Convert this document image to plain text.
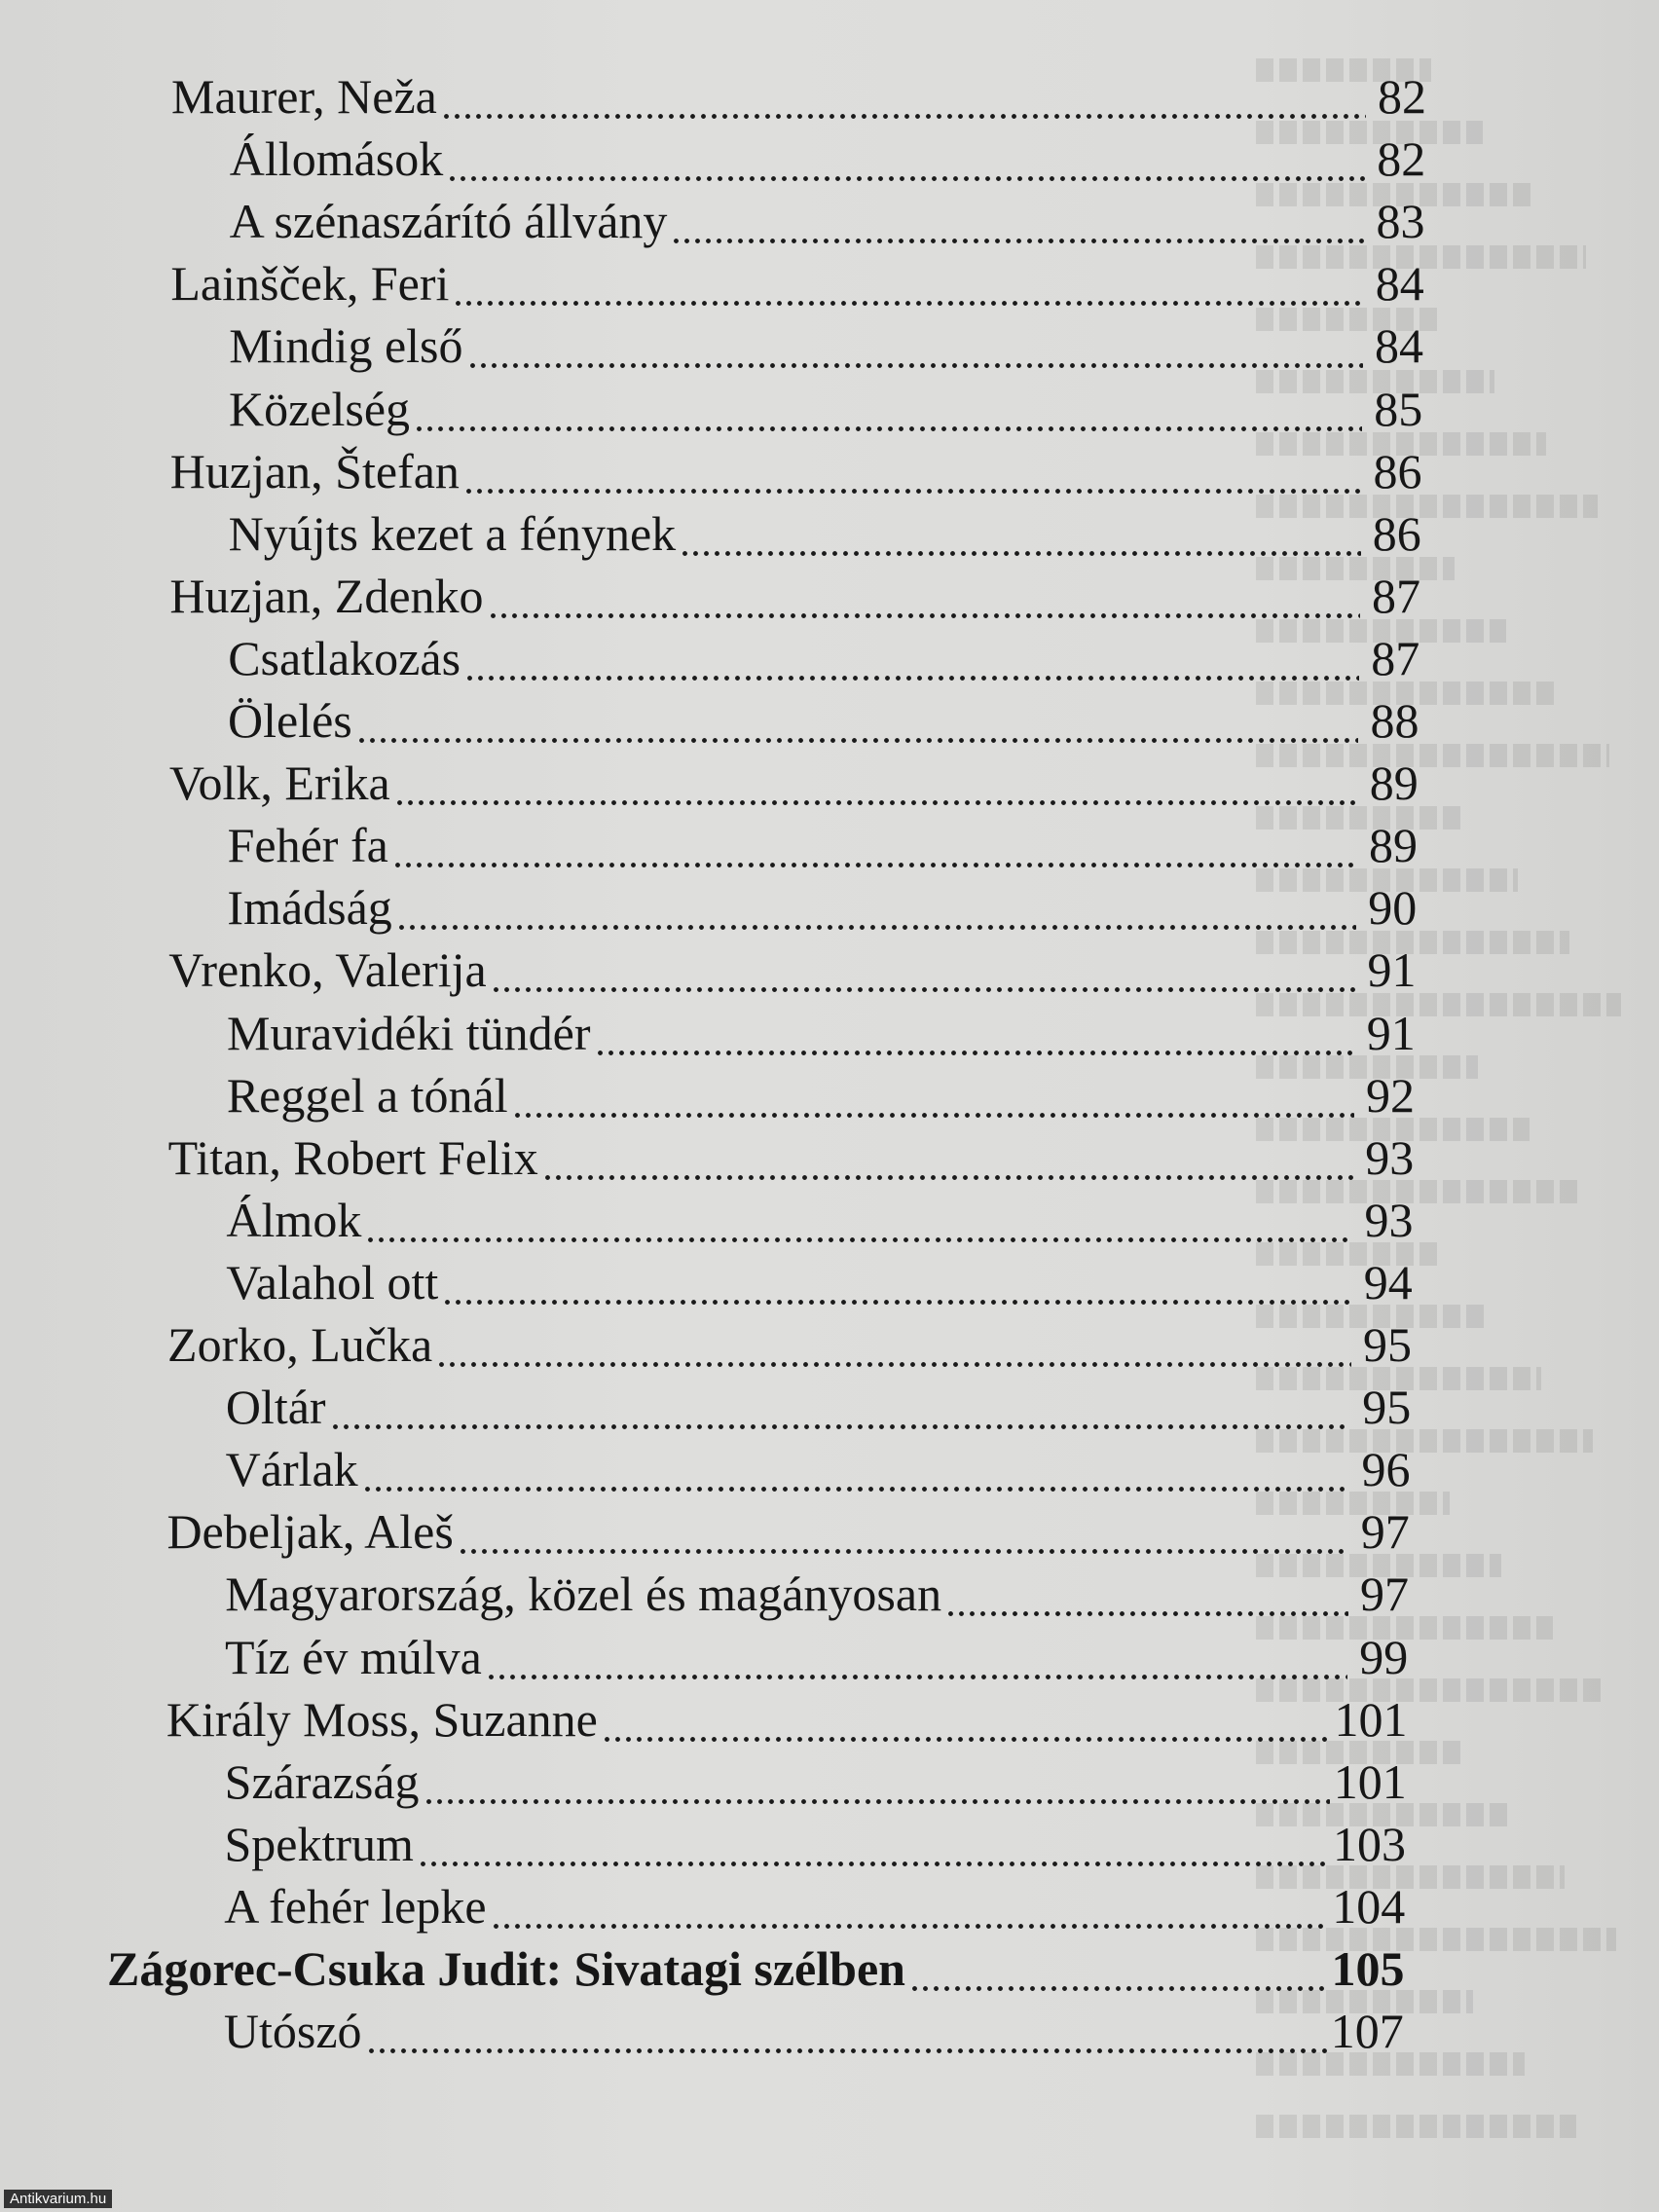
Maurer, Neža	82
Állomások	82
A szénaszárító állvány	83
Lainšček, Feri	84
Mindig első	84
Közelség	85
Huzjan, Štefan	86
Nyújts kezet a fénynek	86
Huzjan, Zdenko	87
Csatlakozás	87
Ölelés	88
Volk, Erika	89
Fehér fa	89
Imádság	90
Vrenko, Valerija	91
Muravidéki tündér	91
Reggel a tónál	92
Titan, Robert Felix	93
Álmok	93
Valahol ott	94
Zorko, Lučka	95
Oltár	95
Várlak	96
Debeljak, Aleš	97
Magyarország, közel és magányosan	97
Tíz év múlva	99
Király Moss, Suzanne	101
Szárazság	101
Spektrum	103
A fehér lepke	104
Zágorec-Csuka Judit: Sivatagi szélben	105
Utószó	107
Antikvarium.hu
